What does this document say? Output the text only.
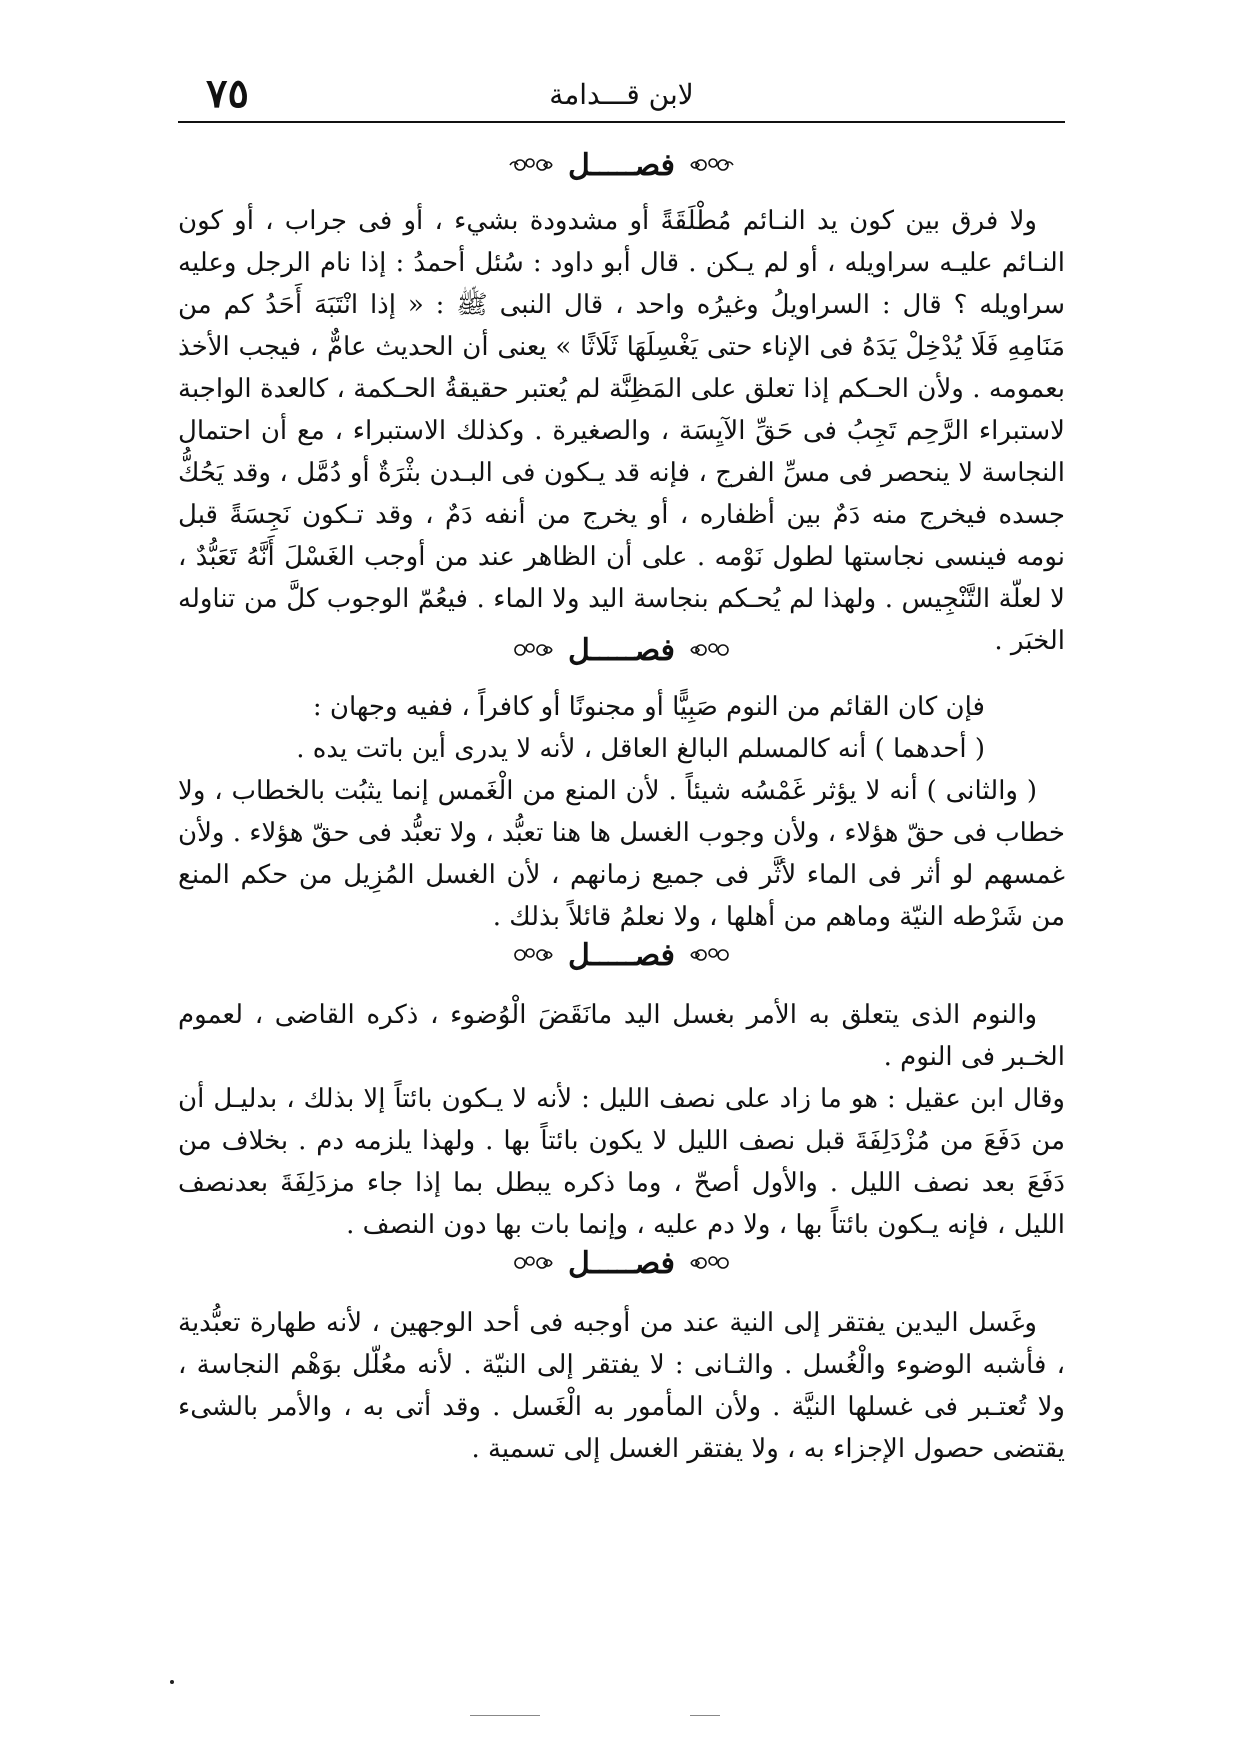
٧٥	لابن قـــدامة
فصـــــل

ولا فرق بين كون يد النـائم مُطْلَقَةً أو مشدودة بشيء ، أو فى جراب ، أو كون النـائم عليـه سراويله ، أو لم يـكن . قال أبو داود : سُئل أحمدُ : إذا نام الرجل وعليه سراويله ؟ قال : السراويلُ وغيرُه واحد ، قال النبى ﷺ : « إذا انْتَبَهَ أَحَدُ كم من مَنَامِهِ فَلَا يُدْخِلْ يَدَهُ فى الإناء حتى يَغْسِلَهَا ثَلَاثًا » يعنى أن الحديث عامٌّ ، فيجب الأخذ بعمومه . ولأن الحـكم إذا تعلق على المَظِنَّة لم يُعتبر حقيقةُ الحـكمة ، كالعدة الواجبة لاستبراء الرَّحِم تَجِبُ فى حَقِّ الآيِسَة ، والصغيرة . وكذلك الاستبراء ، مع أن احتمال النجاسة لا ينحصر فى مسِّ الفرج ، فإنه قد يـكون فى البـدن بثْرَةٌ أو دُمَّل ، وقد يَحُكُّ جسده فيخرج منه دَمٌ بين أظفاره ، أو يخرج من أنفه دَمٌ ، وقد تـكون نَجِسَةً قبل نومه فينسى نجاستها لطول نَوْمه . على أن الظاهر عند من أوجب الغَسْلَ أَنَّهُ تَعَبُّدٌ ، لا لعلّة التَّنْجِيس . ولهذا لم يُحـكم بنجاسة اليد ولا الماء . فيعُمّ الوجوب كلَّ من تناوله الخبَر .

فصـــــل

فإن كان القائم من النوم صَبِيًّا أو مجنونًا أو كافراً ، ففيه وجهان :

( أحدهما ) أنه كالمسلم البالغ العاقل ، لأنه لا يدرى أين باتت يده .

( والثانى ) أنه لا يؤثر غَمْسُه شيئاً . لأن المنع من الْغَمس إنما يثبُت بالخطاب ، ولا خطاب فى حقّ هؤلاء ، ولأن وجوب الغسل ها هنا تعبُّد ، ولا تعبُّد فى حقّ هؤلاء . ولأن غمسهم لو أثر فى الماء لأثَّر فى جميع زمانهم ، لأن الغسل المُزِيل من حكم المنع من شَرْطه النيّة وماهم من أهلها ، ولا نعلمُ قائلاً بذلك .

فصـــــل

والنوم الذى يتعلق به الأمر بغسل اليد مانَقَضَ الْوُضوء ، ذكره القاضى ، لعموم الخـبر فى النوم .

وقال ابن عقيل : هو ما زاد على نصف الليل : لأنه لا يـكون بائتاً إلا بذلك ، بدليـل أن من دَفَعَ من مُزْدَلِفَةَ قبل نصف الليل لا يكون بائتاً بها . ولهذا يلزمه دم . بخلاف من دَفَعَ بعد نصف الليل . والأول أصحّ ، وما ذكره يبطل بما إذا جاء مزدَلِفَةَ بعدنصف الليل ، فإنه يـكون بائتاً بها ، ولا دم عليه ، وإنما بات بها دون النصف .

فصـــــل

وغَسل اليدين يفتقر إلى النية عند من أوجبه فى أحد الوجهين ، لأنه طهارة تعبُّدية ، فأشبه الوضوء والْغُسل . والثـانى : لا يفتقر إلى النيّة . لأنه معُلّل بوَهْم النجاسة ، ولا تُعتـبر فى غسلها النيَّة . ولأن المأمور به الْغَسل . وقد أتى به ، والأمر بالشىء يقتضى حصول الإجزاء به ، ولا يفتقر الغسل إلى تسمية .
